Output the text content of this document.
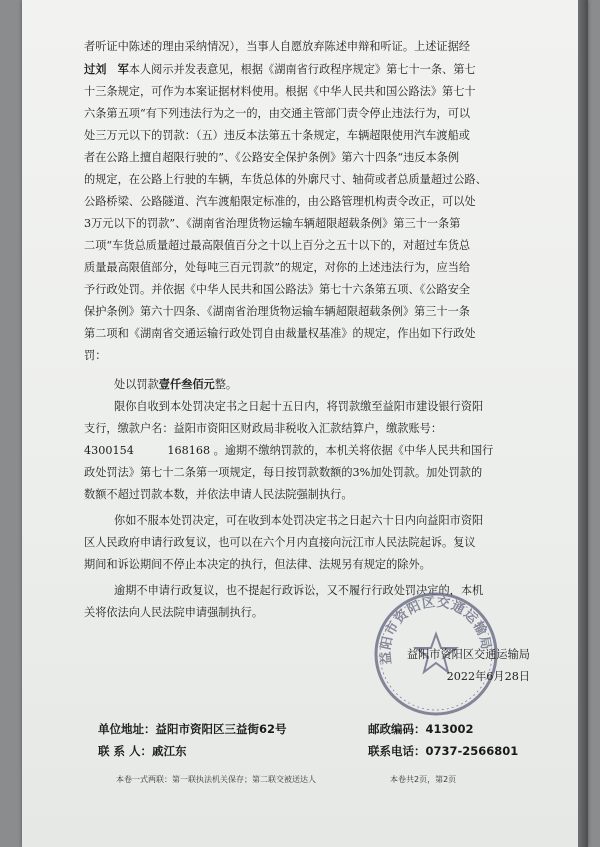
者听证中陈述的理由采纳情况），当事人自愿放弃陈述申辩和听证。上述证据经
过刘　军本人阅示并发表意见，根据《湖南省行政程序规定》第七十一条、第七
十三条规定，可作为本案证据材料使用。根据《中华人民共和国公路法》第七十
六条第五项“有下列违法行为之一的，由交通主管部门责令停止违法行为，可以
处三万元以下的罚款：（五）违反本法第五十条规定，车辆超限使用汽车渡船或
者在公路上擅自超限行驶的”、《公路安全保护条例》第六十四条“违反本条例
的规定，在公路上行驶的车辆，车货总体的外廓尺寸、轴荷或者总质量超过公路、
公路桥梁、公路隧道、汽车渡船限定标准的，由公路管理机构责令改正，可以处
3万元以下的罚款”、《湖南省治理货物运输车辆超限超载条例》第三十一条第
二项“车货总质量超过最高限值百分之十以上百分之五十以下的，对超过车货总
质量最高限值部分，处每吨三百元罚款”的规定，对你的上述违法行为，应当给
予行政处罚。并依据《中华人民共和国公路法》第七十六条第五项、《公路安全
保护条例》第六十四条、《湖南省治理货物运输车辆超限超载条例》第三十一条
第二项和《湖南省交通运输行政处罚自由裁量权基准》的规定，作出如下行政处
罚：

处以罚款壹仟叁佰元整。

限你自收到本处罚决定书之日起十五日内，将罚款缴至益阳市建设银行资阳
支行，缴款户名：益阳市资阳区财政局非税收入汇款结算户，缴款账号：
4300154　　　168168 。逾期不缴纳罚款的，本机关将依据《中华人民共和国行
政处罚法》第七十二条第一项规定，每日按罚款数额的3%加处罚款。加处罚款的
数额不超过罚款本数，并依法申请人民法院强制执行。

你如不服本处罚决定，可在收到本处罚决定书之日起六十日内向益阳市资阳
区人民政府申请行政复议，也可以在六个月内直接向沅江市人民法院起诉。复议
期间和诉讼期间不停止本决定的执行，但法律、法规另有规定的除外。

逾期不申请行政复议，也不提起行政诉讼，又不履行行政处罚决定的，本机
关将依法向人民法院申请强制执行。

益阳市资阳区交通运输局
益阳市资阳区交通运输局
2022年6月28日
单位地址：益阳市资阳区三益街62号	邮政编码：413002
联 系 人：戚江东	联系电话：0737-2566801
本卷一式两联：第一联执法机关保存；第二联交被送达人	本卷共2页，第2页
